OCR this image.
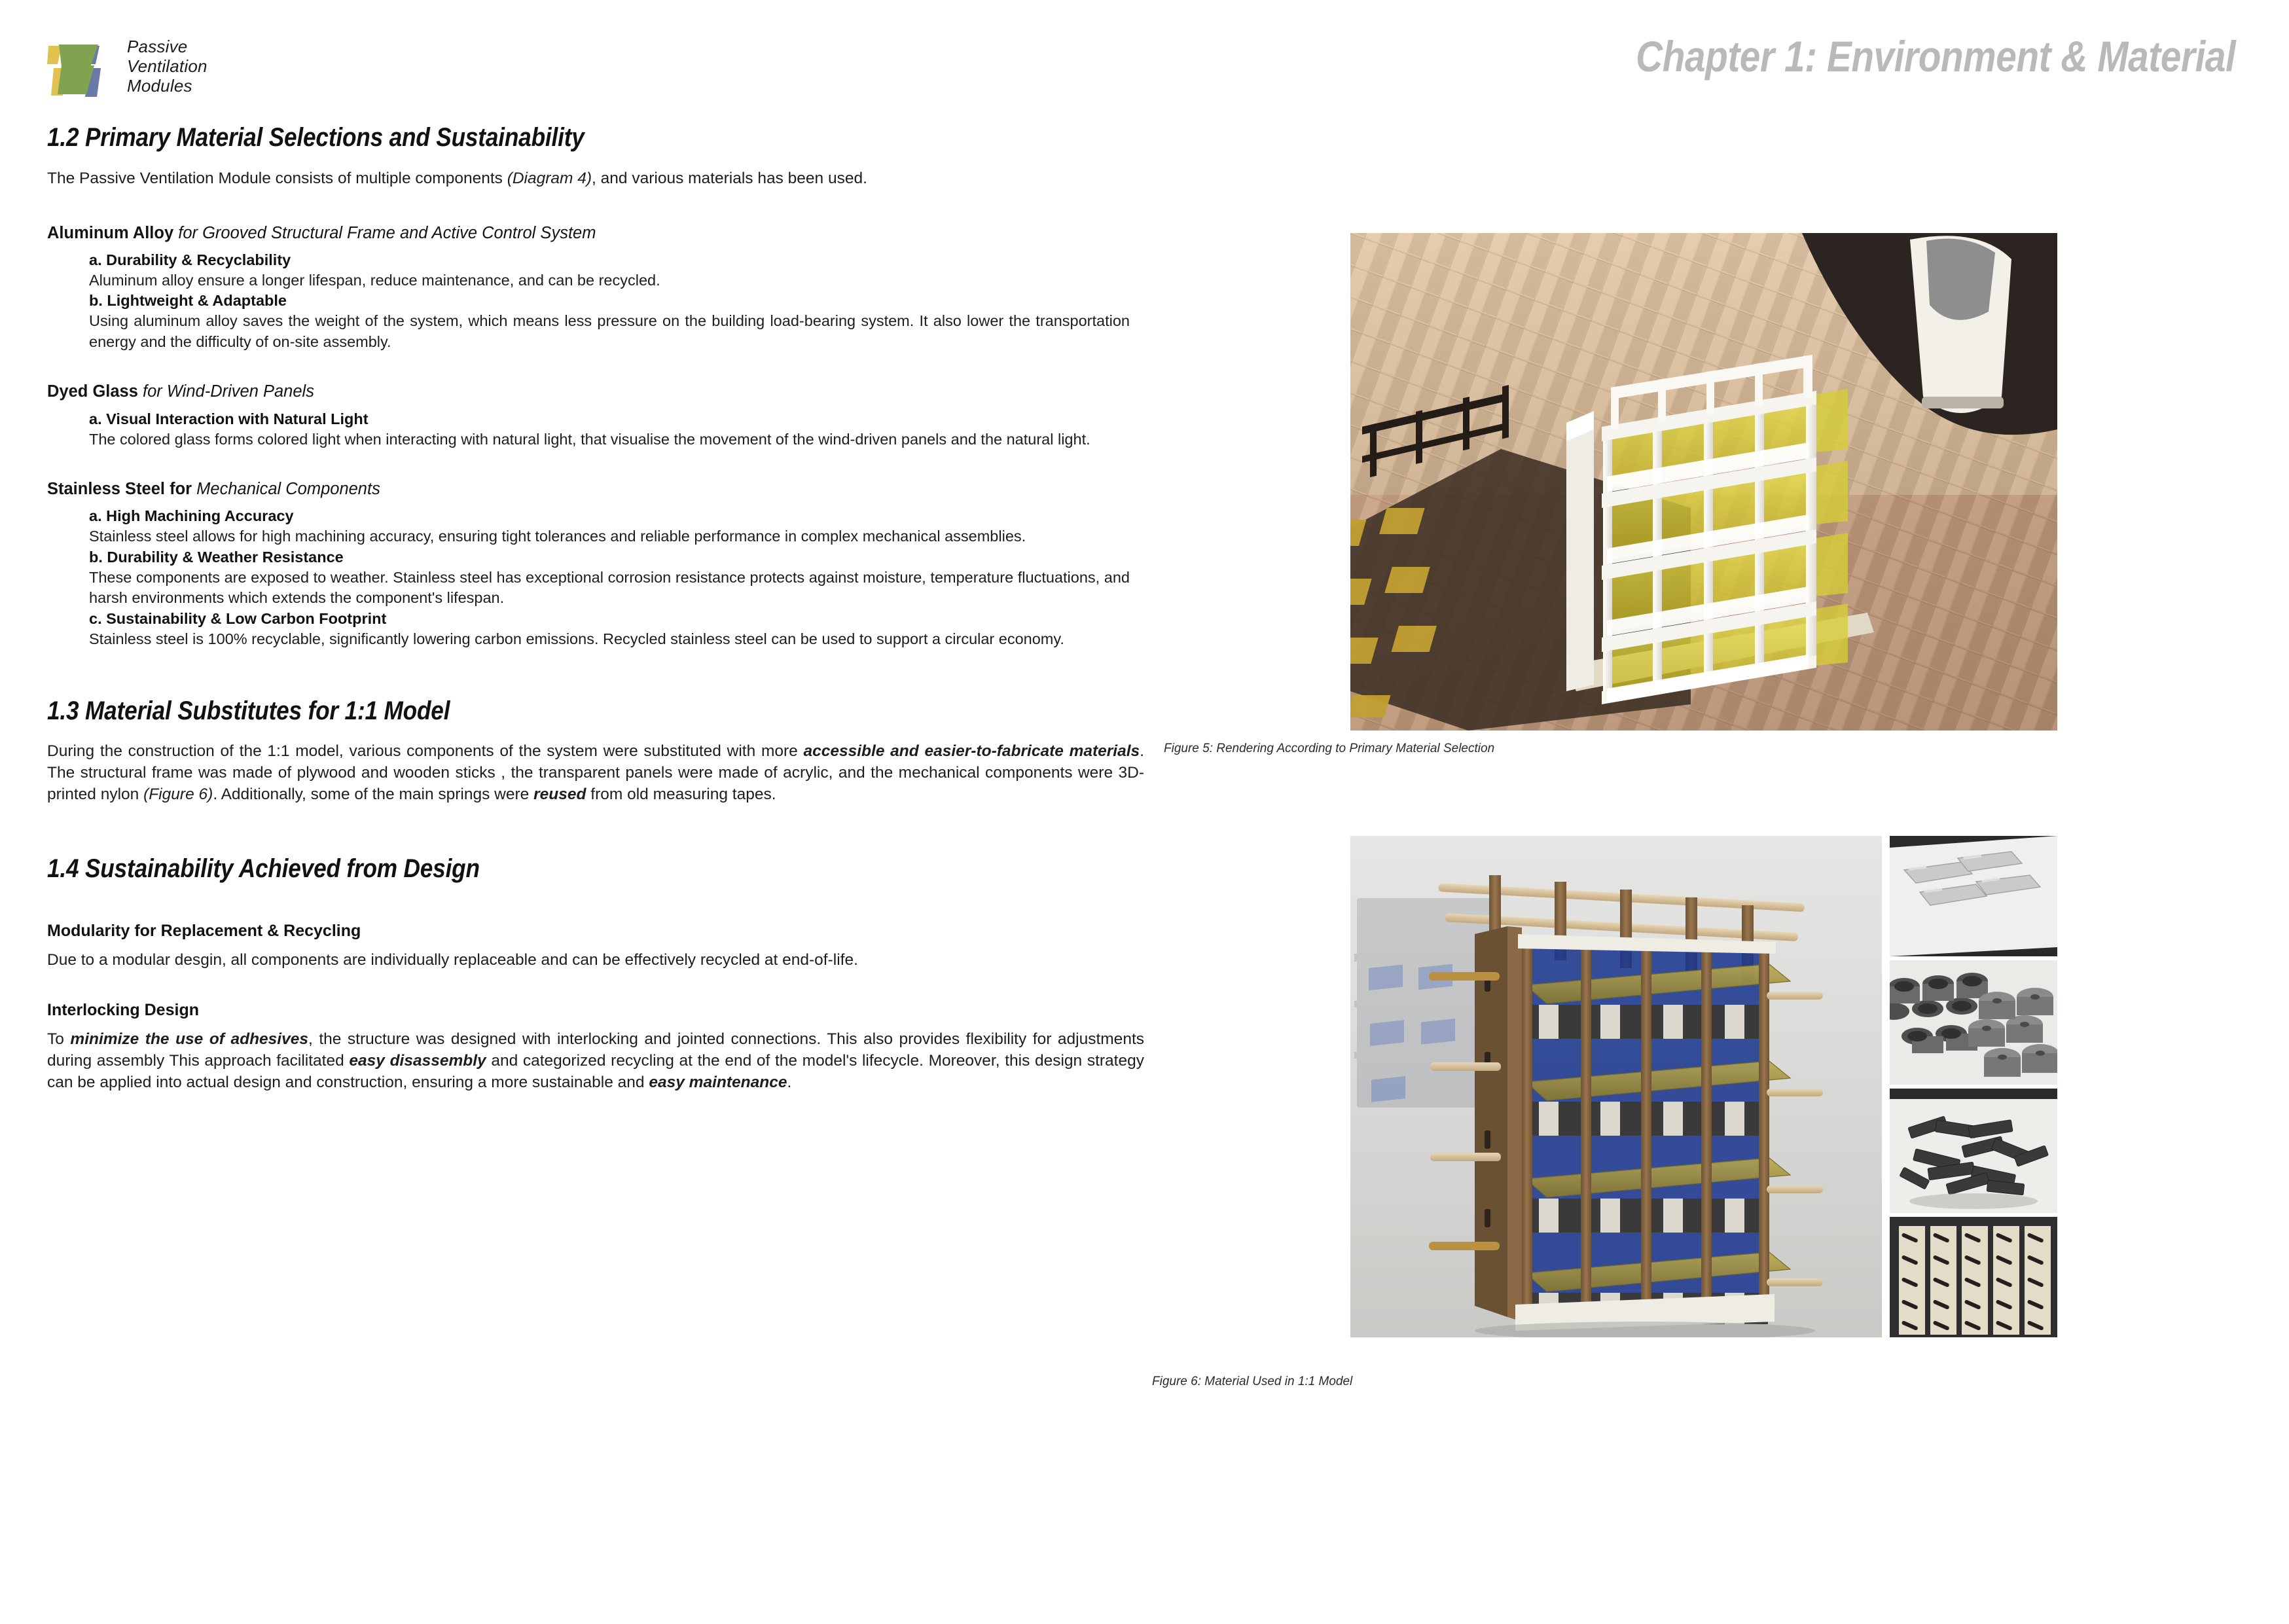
Passive
Ventilation
Modules
Chapter 1: Environment & Material
1.2 Primary Material Selections and Sustainability

The Passive Ventilation Module consists of multiple components (Diagram 4), and various materials has been used.

Aluminum Alloy for Grooved Structural Frame and Active Control System
a. Durability & Recyclability
Aluminum alloy ensure a longer lifespan, reduce maintenance, and can be recycled.
b. Lightweight & Adaptable
Using aluminum alloy saves the weight of the system, which means less pressure on the building load-bearing system. It also lower the transportation energy and the difficulty of on-site assembly.
Dyed Glass for Wind-Driven Panels
a. Visual Interaction with Natural Light
The colored glass forms colored light when interacting with natural light, that visualise the movement of the wind-driven panels and the natural light.
Stainless Steel for Mechanical Components
a. High Machining Accuracy
Stainless steel allows for high machining accuracy, ensuring tight tolerances and reliable performance in complex mechanical assemblies.
b. Durability & Weather Resistance
These components are exposed to weather. Stainless steel has exceptional corrosion resistance protects against moisture, temperature fluctuations, and harsh environments which extends the component's lifespan.
c. Sustainability & Low Carbon Footprint
Stainless steel is 100% recyclable, significantly lowering carbon emissions. Recycled stainless steel can be used to support a circular economy.
1.3 Material Substitutes for 1:1 Model

During the construction of the 1:1 model, various components of the system were substituted with more accessible and easier-to-fabricate materials. The structural frame was made of plywood and wooden sticks , the transparent panels were made of acrylic, and the mechanical components were 3D-printed nylon (Figure 6). Additionally, some of the main springs were reused from old measuring tapes.

1.4 Sustainability Achieved from Design
Modularity for Replacement & Recycling

Due to a modular desgin, all components are individually replaceable and can be effectively recycled at end-of-life.

Interlocking Design

To minimize the use of adhesives, the structure was designed with interlocking and jointed connections. This also provides flexibility for adjustments during assembly This approach facilitated easy disassembly and categorized recycling at the end of the model's lifecycle. Moreover, this design strategy can be applied into actual design and construction, ensuring a more sustainable and easy maintenance.

Figure 5: Rendering According to Primary Material Selection
Figure 6: Material Used in 1:1 Model
